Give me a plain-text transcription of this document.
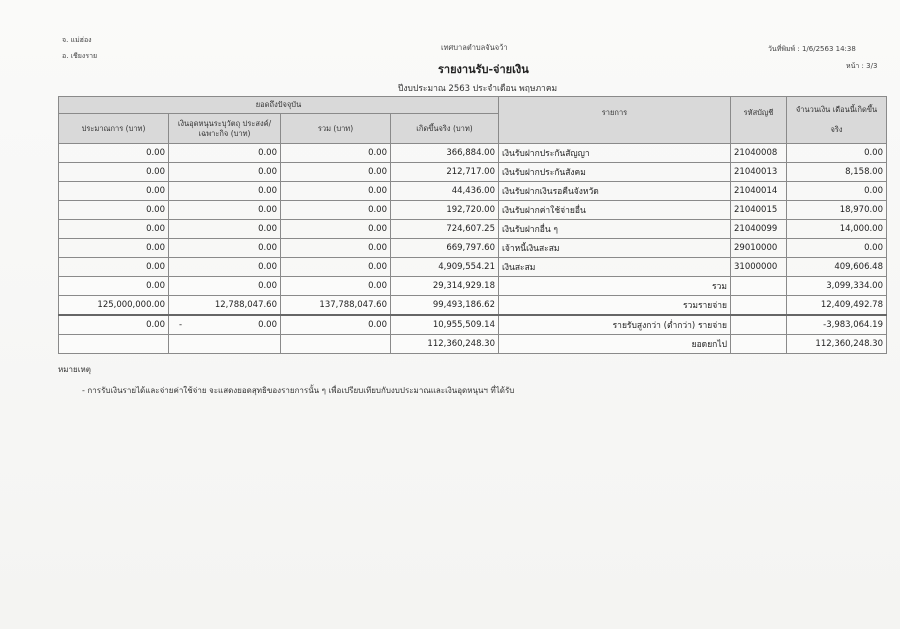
จ. แม่ฮ่อง
อ. เชียงราย
เทศบาลตำบลจันจว้า	วันที่พิมพ์ : 1/6/2563 14:38
หน้า : 3/3
รายงานรับ-จ่ายเงิน
ปีงบประมาณ 2563 ประจำเดือน พฤษภาคม
ยอดถึงปัจจุบัน				รายการ	รหัสบัญชี	จำนวนเงิน เดือนนี้เกิดขึ้นจริง
ประมาณการ (บาท)	เงินอุดหนุนระบุวัตถุ ประสงค์/เฉพาะกิจ (บาท)	รวม (บาท)	เกิดขึ้นจริง (บาท)			
0.00	0.00	0.00	366,884.00	เงินรับฝากประกันสัญญา	21040008	0.00
0.00	0.00	0.00	212,717.00	เงินรับฝากประกันสังคม	21040013	8,158.00
0.00	0.00	0.00	44,436.00	เงินรับฝากเงินรอคืนจังหวัด	21040014	0.00
0.00	0.00	0.00	192,720.00	เงินรับฝากค่าใช้จ่ายอื่น	21040015	18,970.00
0.00	0.00	0.00	724,607.25	เงินรับฝากอื่น ๆ	21040099	14,000.00
0.00	0.00	0.00	669,797.60	เจ้าหนี้เงินสะสม	29010000	0.00
0.00	0.00	0.00	4,909,554.21	เงินสะสม	31000000	409,606.48
0.00	0.00	0.00	29,314,929.18	รวม		3,099,334.00
125,000,000.00	12,788,047.60	137,788,047.60	99,493,186.62	รวมรายจ่าย		12,409,492.78
0.00	- 0.00	0.00	10,955,509.14	รายรับสูงกว่า (ต่ำกว่า) รายจ่าย		-3,983,064.19
			112,360,248.30	ยอดยกไป		112,360,248.30
หมายเหตุ
- การรับเงินรายได้และจ่ายค่าใช้จ่าย จะแสดงยอดสุทธิของรายการนั้น ๆ เพื่อเปรียบเทียบกับงบประมาณและเงินอุดหนุนฯ ที่ได้รับ
